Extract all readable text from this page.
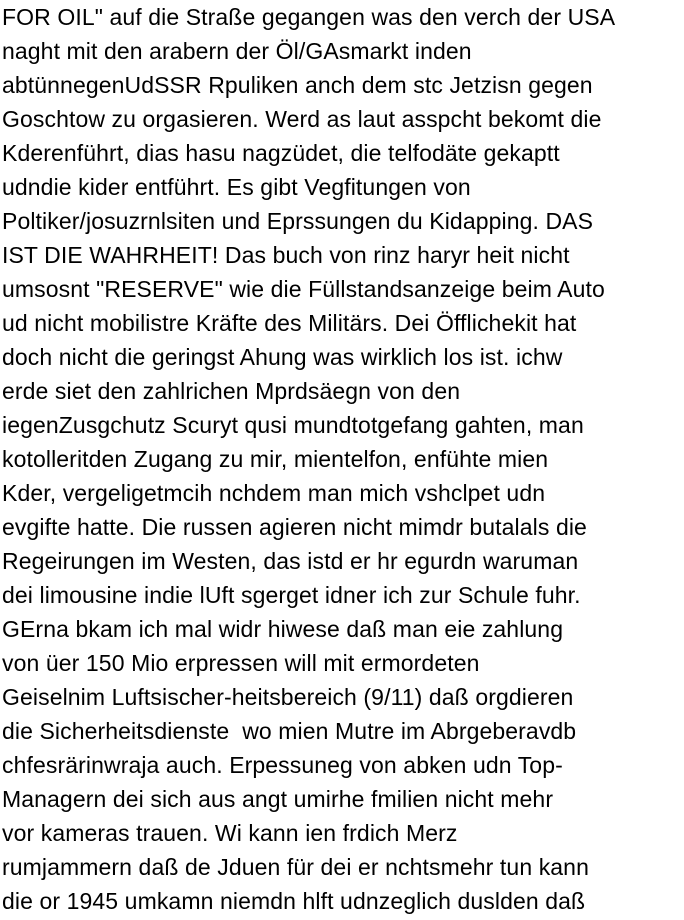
FOR OIL" auf die Straße gegangen was den verch der USA
naght mit den arabern der Öl/GAsmarkt inden
abtünnegenUdSSR Rpuliken anch dem stc Jetzisn gegen
Goschtow zu orgasieren. Werd as laut asspcht bekomt die
Kderenführt, dias hasu nagzüdet, die telfodäte gekaptt
udndie kider entführt. Es gibt Vegfitungen von
Poltiker/josuzrnlsiten und Eprssungen du Kidapping. DAS
IST DIE WAHRHEIT! Das buch von rinz haryr heit nicht
umsosnt "RESERVE" wie die Füllstandsanzeige beim Auto
ud nicht mobilistre Kräfte des Militärs. Dei Öfflichekit hat
doch nicht die geringst Ahung was wirklich los ist. ichw
erde siet den zahlrichen Mprdsäegn von den
iegenZusgchutz Scuryt qusi mundtotgefang gahten, man
kotolleritden Zugang zu mir, mientelfon, enfühte mien
Kder, vergeligetmcih nchdem man mich vshclpet udn
evgifte hatte. Die russen agieren nicht mimdr butalals die
Regeirungen im Westen, das istd er hr egurdn waruman
dei limousine indie lUft sgerget idner ich zur Schule fuhr.
GErna bkam ich mal widr hiwese daß man eie zahlung
von üer 150 Mio erpressen will mit ermordeten
Geiselnim Luftsischer-heitsbereich (9/11) daß orgdieren
die Sicherheitsdienste  wo mien Mutre im Abrgeberavdb
chfesrärinwraja auch. Erpessuneg von abken udn Top-
Managern dei sich aus angt umirhe fmilien nicht mehr
vor kameras trauen. Wi kann ien frdich Merz
rumjammern daß de Jduen für dei er nchtsmehr tun kann
die or 1945 umkamn niemdn hlft udnzeglich duslden daß
